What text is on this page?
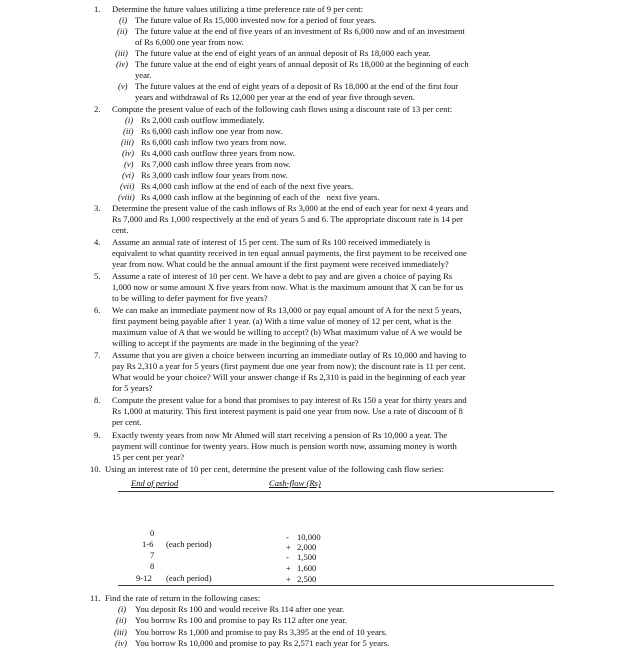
1. Determine the future values utilizing a time preference rate of 9 per cent:
(i) The future value of Rs 15,000 invested now for a period of four years.
(ii) The future value at the end of five years of an investment of Rs 6,000 now and of an investment
of Rs 6,000 one year from now.
(iii) The future value at the end of eight years of an annual deposit of Rs 18,000 each year.
(iv) The future value at the end of eight years of annual deposit of Rs 18,000 at the beginning of each
year.
(v) The future values at the end of eight years of a deposit of Rs 18,000 at the end of the first four
years and withdrawal of Rs 12,000 per year at the end of year five through seven.
2. Compute the present value of each of the following cash flows using a discount rate of 13 per cent:
(i) Rs 2,000 cash outflow immediately.
(ii) Rs 6,000 cash inflow one year from now.
(iii) Rs 6,000 cash inflow two years from now.
(iv) Rs 4,000 cash outflow three years from now.
(v) Rs 7,000 cash inflow three years from now.
(vi) Rs 3,000 cash inflow four years from now.
(vii) Rs 4,000 cash inflow at the end of each of the next five years.
(viii) Rs 4,000 cash inflow at the beginning of each of the   next five years.
3. Determine the present value of the cash inflows of Rs 3,000 at the end of each year for next 4 years and
Rs 7,000 and Rs 1,000 respectively at the end of years 5 and 6. The appropriate discount rate is 14 per
cent.
4. Assume an annual rate of interest of 15 per cent. The sum of Rs 100 received immediately is
equivalent to what quantity received in ten equal annual payments, the first payment to be received one
year from now. What could be the annual amount if the first payment were received immediately?
5. Assume a rate of interest of 10 per cent. We have a debt to pay and are given a choice of paying Rs
1,000 now or some amount X five years from now. What is the maximum amount that X can be for us
to be willing to defer payment for five years?
6. We can make an immediate payment now of Rs 13,000 or pay equal amount of A for the next 5 years,
first payment being payable after 1 year. (a) With a time value of money of 12 per cent, what is the
maximum value of A that we would be willing to accept? (b) What maximum value of A we would be
willing to accept if the payments are made in the beginning of the year?
7. Assume that you are given a choice between incurring an immediate outlay of Rs 10,000 and having to
pay Rs 2,310 a year for 5 years (first payment due one year from now); the discount rate is 11 per cent.
What would be your choice? Will your answer change if Rs 2,310 is paid in the beginning of each year
for 5 years?
8. Compute the present value for a bond that promises to pay interest of Rs 150 a year for thirty years and
Rs 1,000 at maturity. This first interest payment is paid one year from now. Use a rate of discount of 8
per cent.
9. Exactly twenty years from now Mr Ahmed will start receiving a pension of Rs 10,000 a year. The
payment will continue for twenty years. How much is pension worth now, assuming money is worth
15 per cent per year?
10. Using an interest rate of 10 per cent, determine the present value of the following cash flow series:
End of period	Cash-flow (Rs)
0	- 10,000
1-6 (each period)	+ 2,000
7	- 1,500
8	+ 1,600
9-12 (each period)	+ 2,500
11. Find the rate of return in the following cases:
(i) You deposit Rs 100 and would receive Rs 114 after one year.
(ii) You borrow Rs 100 and promise to pay Rs 112 after one year.
(iii) You borrow Rs 1,000 and promise to pay Rs 3,395 at the end of 10 years.
(iv) You borrow Rs 10,000 and promise to pay Rs 2,571 each year for 5 years.
